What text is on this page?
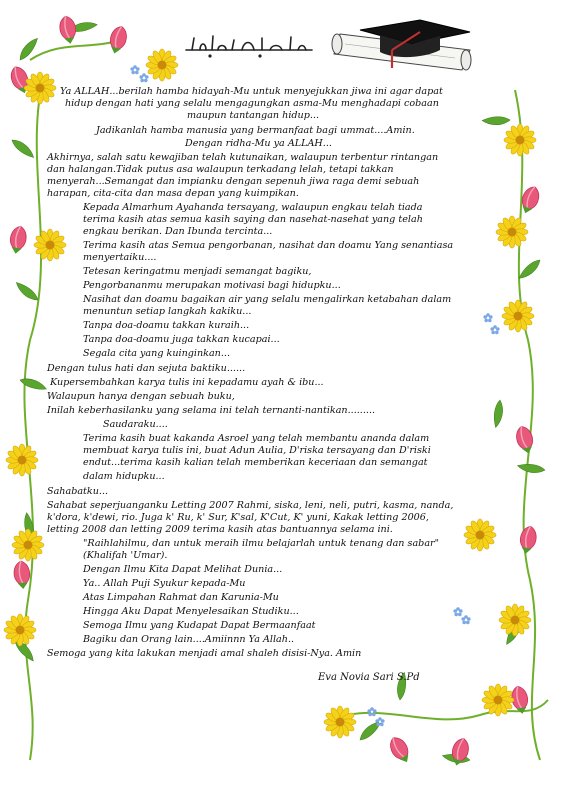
Ya ALLAH...berilah hamba hidayah-Mu untuk menyejukkan jiwa ini agar dapat
hidup dengan hati yang selalu mengagungkan asma-Mu menghadapi cobaan
maupun tantangan hidup...
Jadikanlah hamba manusia yang bermanfaat bagi ummat....Amin.
Dengan ridha-Mu ya ALLAH...
Akhirnya, salah satu kewajiban telah kutunaikan, walaupun terbentur rintangan
dan halangan.Tidak putus asa walaupun terkadang lelah, tetapi takkan
menyerah...Semangat dan impianku dengan sepenuh jiwa raga demi sebuah
harapan, cita-cita dan masa depan yang kuimpikan.
Kepada Almarhum Ayahanda tersayang, walaupun engkau telah tiada
terima kasih atas semua kasih saying dan nasehat-nasehat yang telah
engkau berikan. Dan Ibunda tercinta...
Terima kasih atas Semua pengorbanan, nasihat dan doamu Yang senantiasa
menyertaiku....
Tetesan keringatmu menjadi semangat bagiku,
Pengorbananmu merupakan motivasi bagi hidupku...
Nasihat dan doamu bagaikan air yang selalu mengalirkan ketabahan dalam
menuntun setiap langkah kakiku...
Tanpa doa-doamu takkan kuraih...
Tanpa doa-doamu juga takkan kucapai...
Segala cita yang kuinginkan...
Dengan tulus hati dan sejuta baktiku......
Kupersembahkan karya tulis ini kepadamu ayah & ibu...
Walaupun hanya dengan sebuah buku,
Inilah keberhasilanku yang selama ini telah ternanti-nantikan.........
Saudaraku....
Terima kasih buat kakanda Asroel yang telah membantu ananda dalam
membuat karya tulis ini, buat Adun Aulia, D'riska tersayang dan D'riski
endut...terima kasih kalian telah memberikan keceriaan dan semangat
dalam hidupku...
Sahabatku...
Sahabat seperjuanganku Letting 2007 Rahmi, siska, leni, neli, putri, kasma, nanda,
k'dora, k'dewi, rio. Juga k' Ru, k' Sur, K'sal, K'Cut, K' yuni, Kakak letting 2006,
letting 2008 dan letting 2009 terima kasih atas bantuannya selama ini.
"Raihlahilmu, dan untuk meraih ilmu belajarlah untuk tenang dan sabar"
(Khalifah 'Umar).
Dengan Ilmu Kita Dapat Melihat Dunia...
Ya.. Allah Puji Syukur kepada-Mu
Atas Limpahan Rahmat dan Karunia-Mu
Hingga Aku Dapat Menyelesaikan Studiku...
Semoga Ilmu yang Kudapat Dapat Bermaanfaat
Bagiku dan Orang lain....Amiinnn Ya Allah..
Semoga yang kita lakukan menjadi amal shaleh disisi-Nya. Amin
Eva Novia Sari S.Pd
